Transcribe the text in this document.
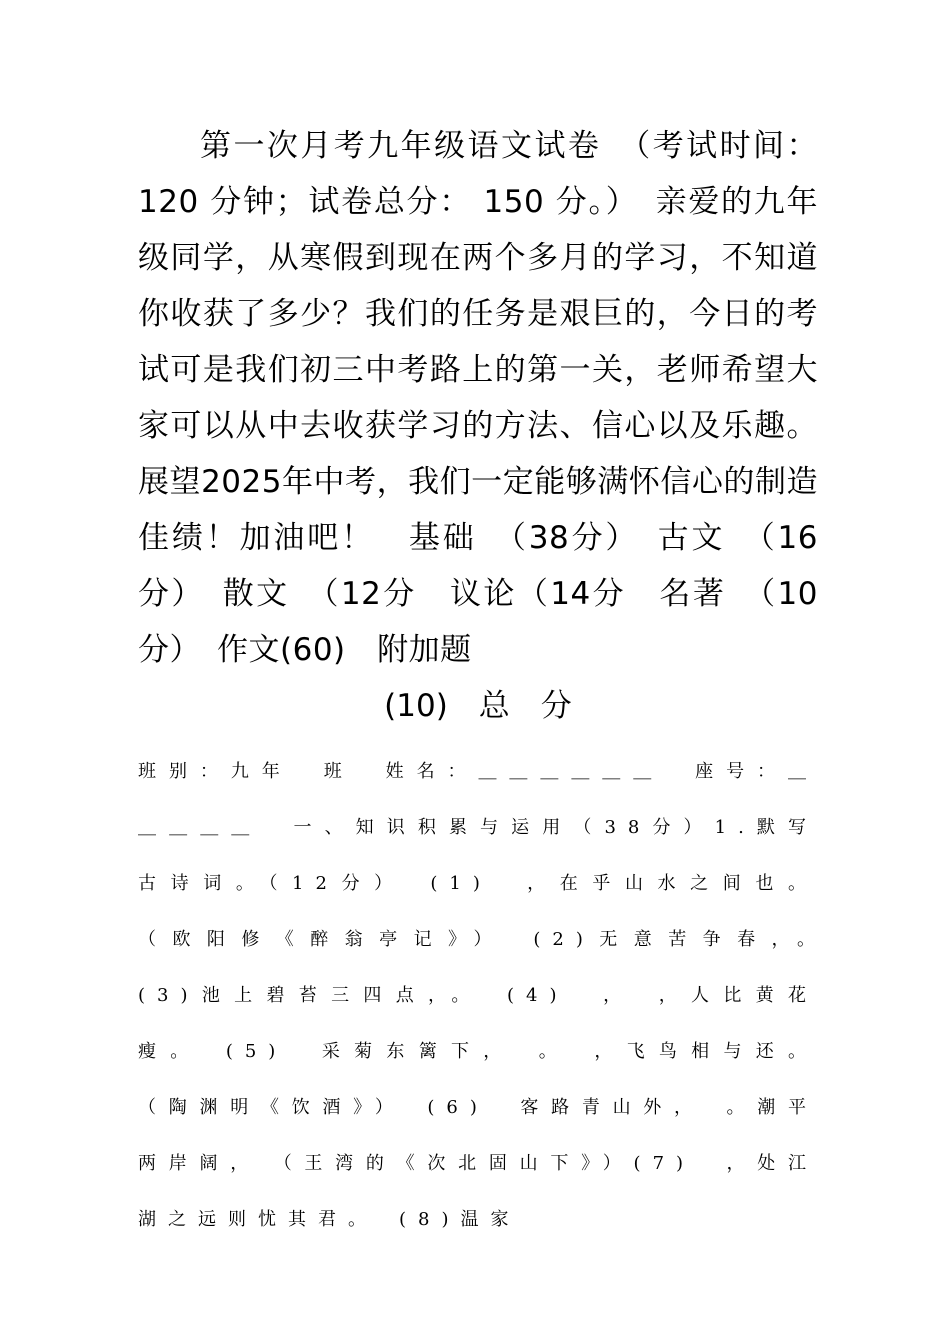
第一次月考九年级语文试卷　（考试时间：120 分钟；试卷总分： 150 分。）　亲爱的九年级同学，从寒假到现在两个多月的学习，不知道你收获了多少？我们的任务是艰巨的，今日的考试可是我们初三中考路上的第一关，老师希望大家可以从中去收获学习的方法、信心以及乐趣。展望2025年中考，我们一定能够满怀信心的制造佳绩！加油吧！　基础　（38分）　古文　（16分）　散文　（12分　议论（14分　名著　（10分）　作文(60)　附加题

(10)　总　分

班别：九年　班　姓名：＿＿＿＿＿＿　座号：＿＿＿＿＿　一、知识积累与运用（38分）1.默写古诗词。（12分）　(1)　，在乎山水之间也。（欧阳修《醉翁亭记》）　(2)无意苦争春，。　(3)池上碧苔三四点，。　(4)　，　，人比黄花瘦。　(5)　采菊东篱下，　。　，飞鸟相与还。（陶渊明《饮酒》）　(6)　客路青山外，　。潮平两岸阔，　（王湾的《次北固山下》）(7)　，处江湖之远则忧其君。　(8)温家
